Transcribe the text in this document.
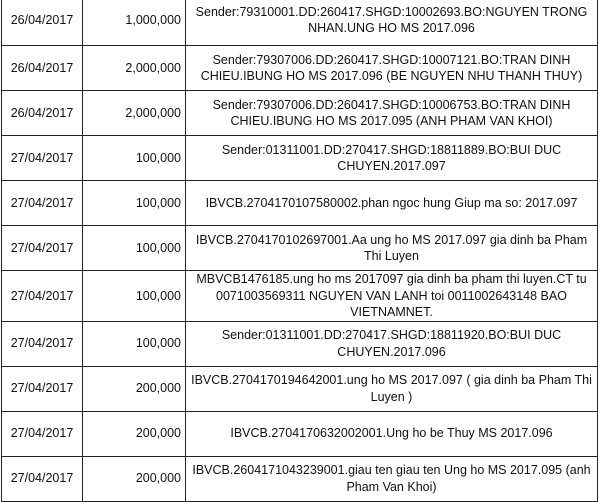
26/04/2017	1,000,000	Sender:79310001.DD:260417.SHGD:10002693.BO:NGUYEN TRONG NHAN.UNG HO MS 2017.096
26/04/2017	2,000,000	Sender:79307006.DD:260417.SHGD:10007121.BO:TRAN DINH CHIEU.IBUNG HO MS 2017.096 (BE NGUYEN NHU THANH THUY)
26/04/2017	2,000,000	Sender:79307006.DD:260417.SHGD:10006753.BO:TRAN DINH CHIEU.IBUNG HO MS 2017.095 (ANH PHAM VAN KHOI)
27/04/2017	100,000	Sender:01311001.DD:270417.SHGD:18811889.BO:BUI DUC CHUYEN.2017.097
27/04/2017	100,000	IBVCB.2704170107580002.phan ngoc hung Giup ma so: 2017.097
27/04/2017	100,000	IBVCB.2704170102697001.Aa ung ho MS 2017.097 gia dinh ba Pham Thi Luyen
27/04/2017	100,000	MBVCB1476185.ung ho ms 2017097 gia dinh ba pham thi luyen.CT tu 0071003569311 NGUYEN VAN LANH toi 0011002643148 BAO VIETNAMNET.
27/04/2017	100,000	Sender:01311001.DD:270417.SHGD:18811920.BO:BUI DUC CHUYEN.2017.096
27/04/2017	200,000	IBVCB.2704170194642001.ung ho MS 2017.097 ( gia dinh ba Pham Thi Luyen )
27/04/2017	200,000	IBVCB.2704170632002001.Ung ho be Thuy MS 2017.096
27/04/2017	200,000	IBVCB.2604171043239001.giau ten giau ten Ung ho MS 2017.095 (anh Pham Van Khoi)
